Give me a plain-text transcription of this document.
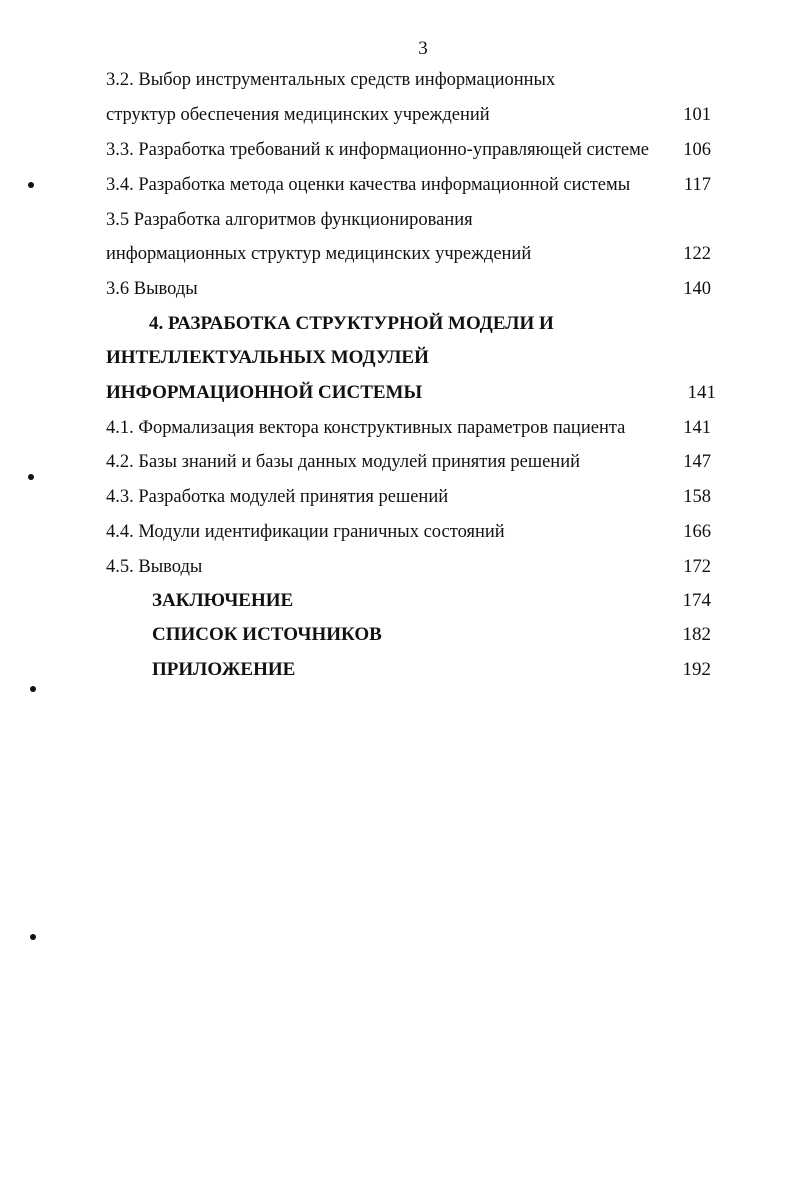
3
3.2. Выбор инструментальных средств информационных
структур обеспечения медицинских учреждений	101
3.3. Разработка требований к информационно-управляющей системе 106
3.4. Разработка метода оценки качества информационной системы	117
3.5 Разработка алгоритмов функционирования
информационных структур медицинских учреждений	122
3.6 Выводы	140
4. РАЗРАБОТКА СТРУКТУРНОЙ МОДЕЛИ И
ИНТЕЛЛЕКТУАЛЬНЫХ МОДУЛЕЙ
ИНФОРМАЦИОННОЙ СИСТЕМЫ	141
4.1. Формализация вектора конструктивных параметров пациента	141
4.2. Базы знаний и базы данных модулей принятия решений	147
4.3. Разработка модулей принятия решений	158
4.4. Модули идентификации граничных состояний	166
4.5. Выводы	172
ЗАКЛЮЧЕНИЕ	174
СПИСОК ИСТОЧНИКОВ	182
ПРИЛОЖЕНИЕ	192
